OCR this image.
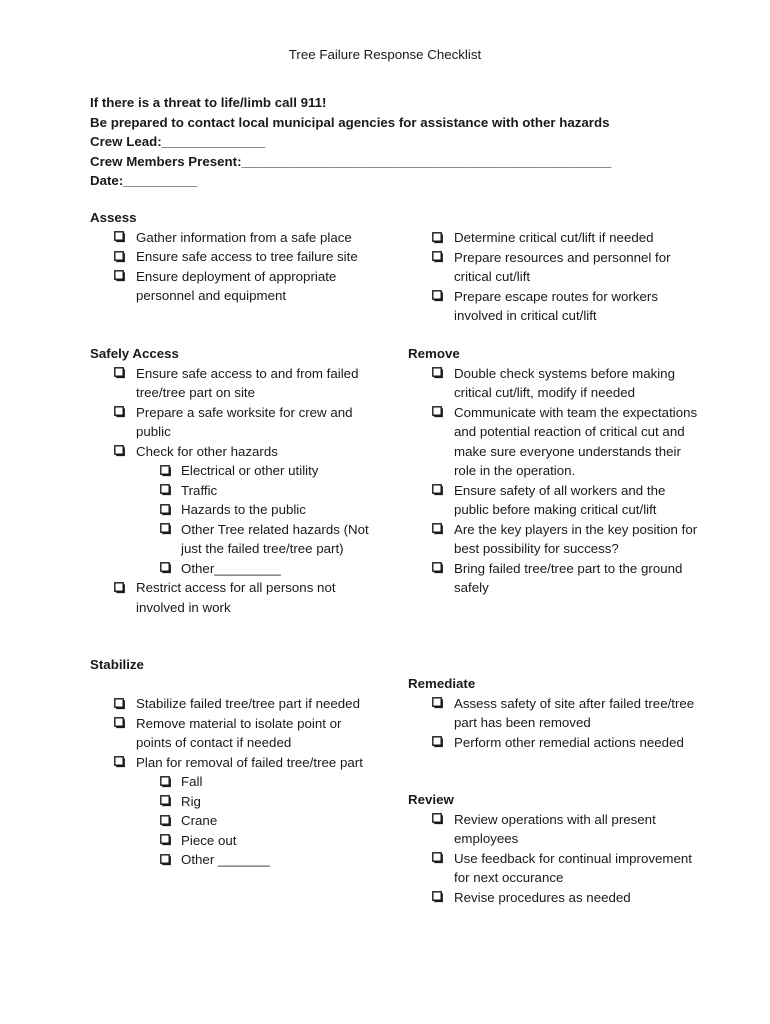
Tree Failure Response Checklist
If there is a threat to life/limb call 911!
Be prepared to contact local municipal agencies for assistance with other hazards
Crew Lead:______________
Crew Members Present:__________________________________________________
Date:__________
Assess
Gather information from a safe place
Ensure safe access to tree failure site
Ensure deployment of appropriate personnel and equipment
Safely Access
Ensure safe access to and from failed tree/tree part on site
Prepare a safe worksite for crew and public
Check for other hazards
Electrical or other utility
Traffic
Hazards to the public
Other Tree related hazards (Not just the failed tree/tree part)
Other_________
Restrict access for all persons not involved in work
Stabilize
Stabilize failed tree/tree part if needed
Remove material to isolate point or points of contact if needed
Plan for removal of failed tree/tree part
Fall
Rig
Crane
Piece out
Other _______
Determine critical cut/lift if needed
Prepare resources and personnel for critical cut/lift
Prepare escape routes for workers involved in critical cut/lift
Remove
Double check systems before making critical cut/lift, modify if needed
Communicate with team the expectations and potential reaction of critical cut and make sure everyone understands their role in the operation.
Ensure safety of all workers and the public before making critical cut/lift
Are the key players in the key position for best possibility for success?
Bring failed tree/tree part to the ground safely
Remediate
Assess safety of site after failed tree/tree part has been removed
Perform other remedial actions needed
Review
Review operations with all present employees
Use feedback for continual improvement for next occurance
Revise procedures as needed
